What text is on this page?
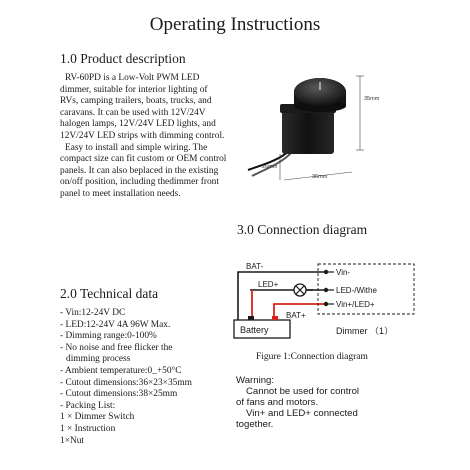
Operating Instructions
1.0 Product description

RV-60PD is a Low-Volt PWM LED dimmer, suitable for interior lighting of RVs, camping trailers, boats, trucks, and caravans. It can be used with 12V/24V halogen lamps, 12V/24V LED lights, and 12V/24V LED strips with dimming control.

Easy to install and simple wiring. The compact size can fit custom or OEM control panels. It can also beplaced in the existing on/off position, including thedimmer front panel to meet installation needs.

35mm
26mm
36mm
3.0 Connection diagram
BAT-
LED+
BAT+
Battery
Vin-
LED-/Withe
Vin+/LED+
Dimmer （1）
Figure 1:Connection diagram
Warning:
Cannot be used for control
of fans and motors.
Vin+ and LED+ connected
together.
2.0 Technical data
- Vin:12-24V DC
- LED:12-24V 4A 96W Max.
- Dimming range:0-100%
- No noise and free flicker the
dimming process
- Ambient temperature:0_+50°C
- Cutout dimensions:36×23×35mm
- Cutout dimensions:38×25mm
- Packing List:
1 × Dimmer Switch
1 × Instruction
1×Nut
